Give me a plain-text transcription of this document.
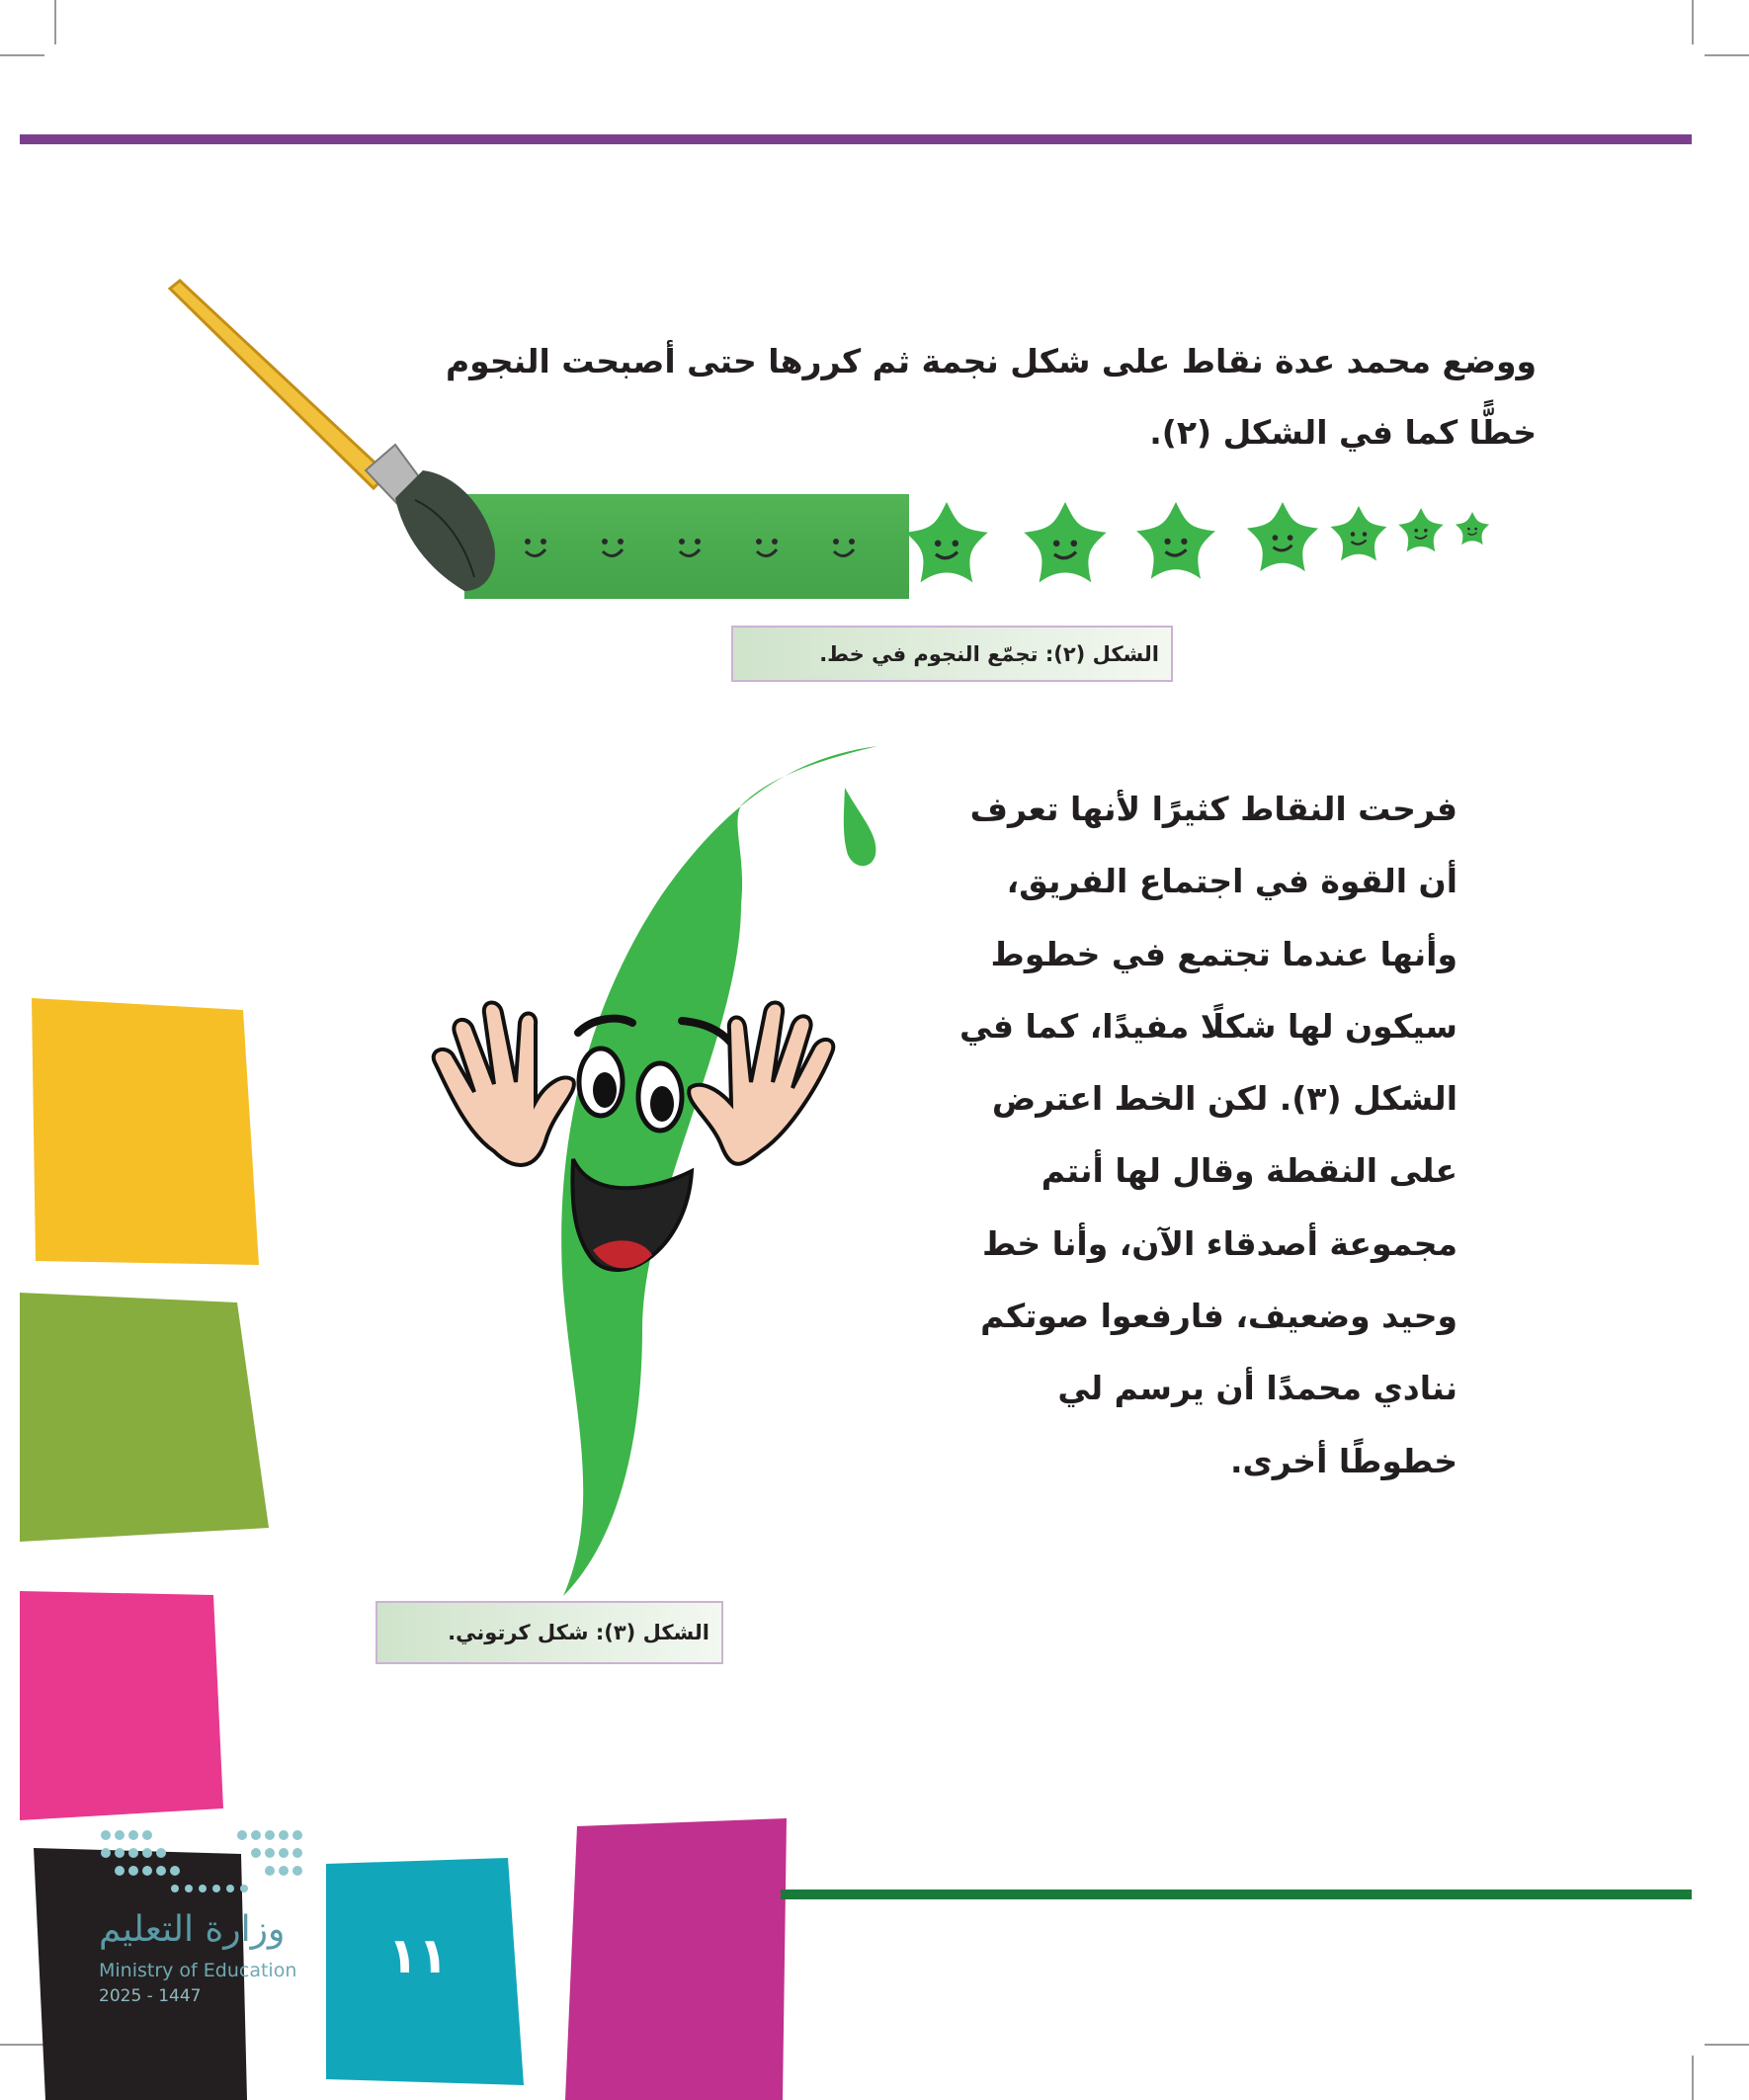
ووضع محمد عدة نقاط على شكل نجمة ثم كررها حتى أصبحت النجوم خطًّا كما في الشكل (٢).

الشكل (٢): تجمّع النجوم في خط.

فرحت النقاط كثيرًا لأنها تعرف أن القوة في اجتماع الفريق، وأنها عندما تجتمع في خطوط سيكون لها شكلًا مفيدًا، كما في الشكل (٣). لكن الخط اعترض على النقطة وقال لها أنتم مجموعة أصدقاء الآن، وأنا خط وحيد وضعيف، فارفعوا صوتكم ننادي محمدًا أن يرسم لي خطوطًا أخرى.

الشكل (٣): شكل كرتوني.
وزارة التعليم
Ministry of Education
2025 - 1447
١١
